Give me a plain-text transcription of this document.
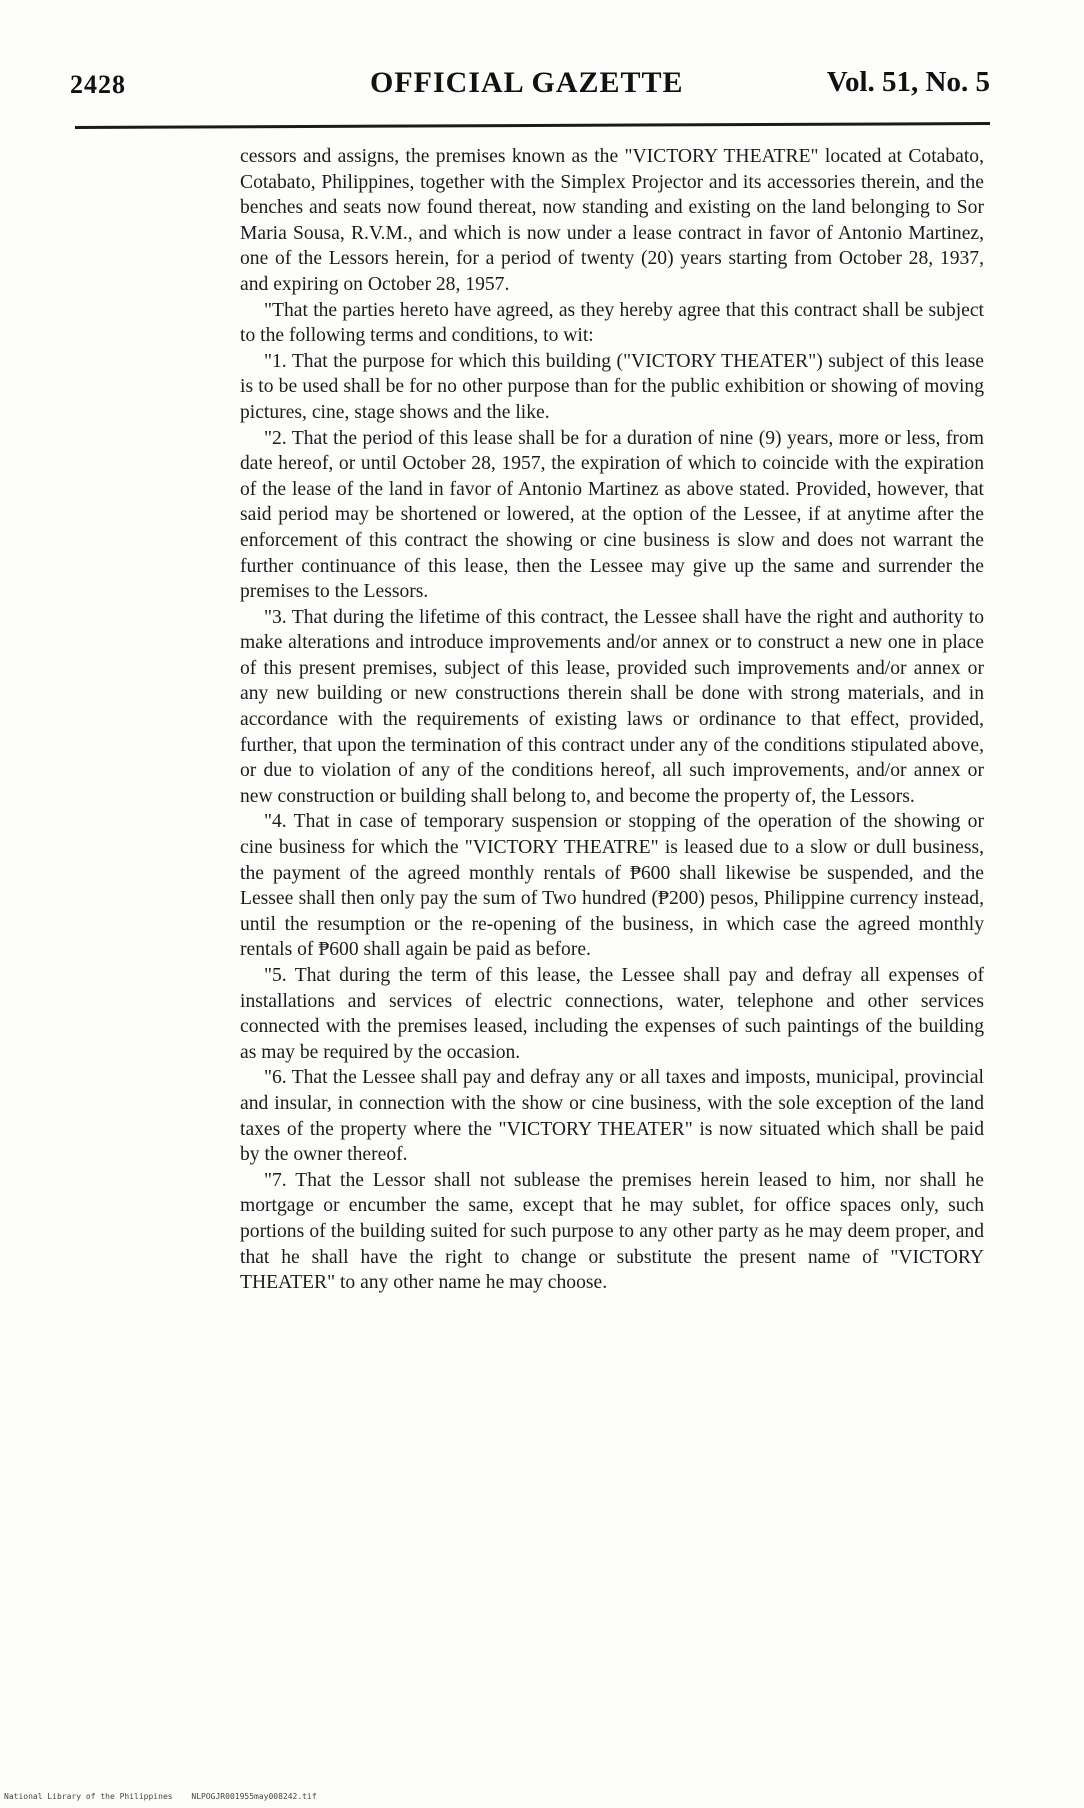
2428	OFFICIAL GAZETTE	Vol. 51, No. 5

cessors and assigns, the premises known as the "VICTORY THEATRE" located at Cotabato, Cotabato, Philippines, together with the Simplex Projector and its accessories therein, and the benches and seats now found thereat, now standing and existing on the land belonging to Sor Maria Sousa, R.V.M., and which is now under a lease contract in favor of Antonio Martinez, one of the Lessors herein, for a period of twenty (20) years starting from October 28, 1937, and expiring on October 28, 1957.

"That the parties hereto have agreed, as they hereby agree that this contract shall be subject to the following terms and conditions, to wit:

"1. That the purpose for which this building ("VICTORY THEATER") subject of this lease is to be used shall be for no other purpose than for the public exhibition or showing of moving pictures, cine, stage shows and the like.

"2. That the period of this lease shall be for a duration of nine (9) years, more or less, from date hereof, or until October 28, 1957, the expiration of which to coincide with the expiration of the lease of the land in favor of Antonio Martinez as above stated. Provided, however, that said period may be shortened or lowered, at the option of the Lessee, if at anytime after the enforcement of this contract the showing or cine business is slow and does not warrant the further continuance of this lease, then the Lessee may give up the same and surrender the premises to the Lessors.

"3. That during the lifetime of this contract, the Lessee shall have the right and authority to make alterations and introduce improvements and/or annex or to construct a new one in place of this present premises, subject of this lease, provided such improvements and/or annex or any new building or new constructions therein shall be done with strong materials, and in accordance with the requirements of existing laws or ordinance to that effect, provided, further, that upon the termination of this contract under any of the conditions stipulated above, or due to violation of any of the conditions hereof, all such improvements, and/or annex or new construction or building shall belong to, and become the property of, the Lessors.

"4. That in case of temporary suspension or stopping of the operation of the showing or cine business for which the "VICTORY THEATRE" is leased due to a slow or dull business, the payment of the agreed monthly rentals of ₱600 shall likewise be suspended, and the Lessee shall then only pay the sum of Two hundred (₱200) pesos, Philippine currency instead, until the resumption or the re-opening of the business, in which case the agreed monthly rentals of ₱600 shall again be paid as before.

"5. That during the term of this lease, the Lessee shall pay and defray all expenses of installations and services of electric connections, water, telephone and other services connected with the premises leased, including the expenses of such paintings of the building as may be required by the occasion.

"6. That the Lessee shall pay and defray any or all taxes and imposts, municipal, provincial and insular, in connection with the show or cine business, with the sole exception of the land taxes of the property where the "VICTORY THEATER" is now situated which shall be paid by the owner thereof.

"7. That the Lessor shall not sublease the premises herein leased to him, nor shall he mortgage or encumber the same, except that he may sublet, for office spaces only, such portions of the building suited for such purpose to any other party as he may deem proper, and that he shall have the right to change or substitute the present name of "VICTORY THEATER" to any other name he may choose.

National Library of the Philippines NLPOGJR001955may008242.tif
